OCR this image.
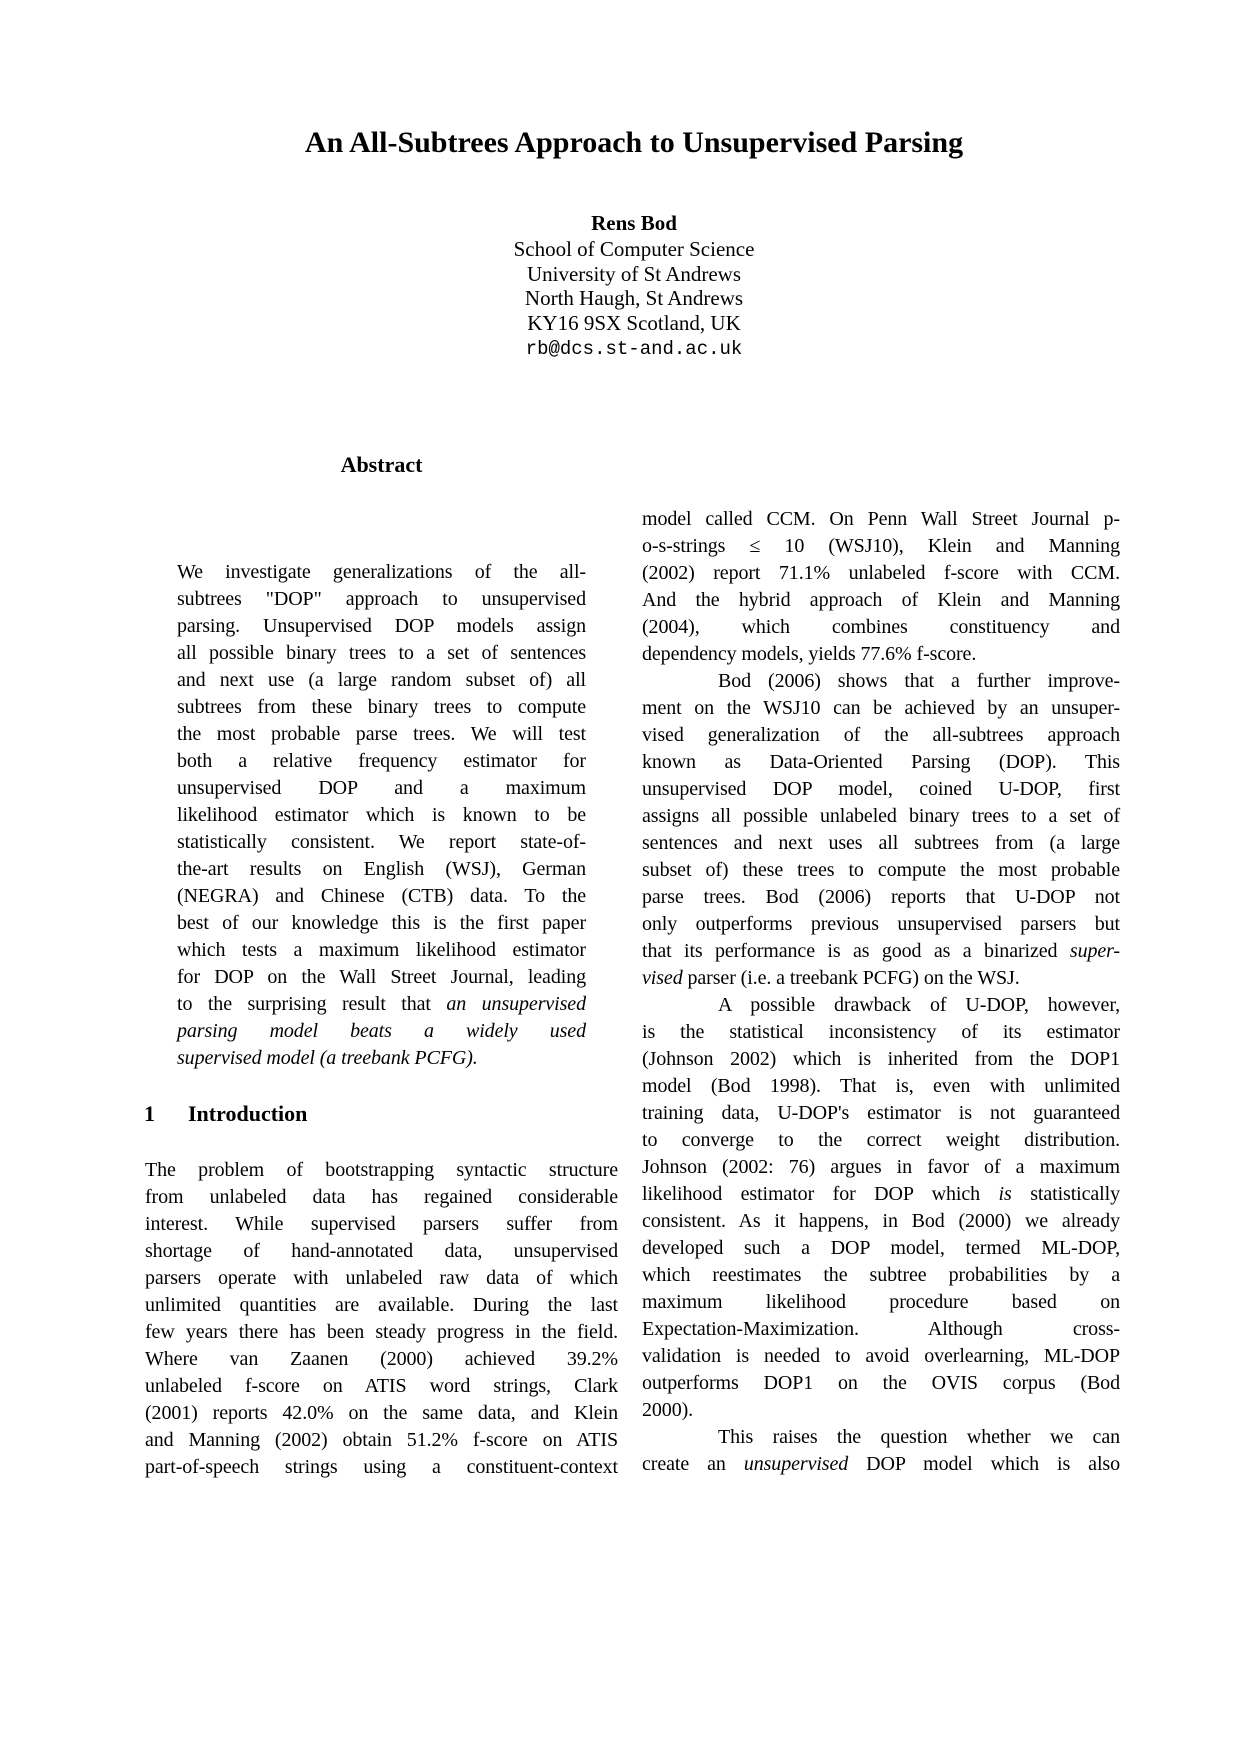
An All-Subtrees Approach to Unsupervised Parsing
Rens Bod
School of Computer Science
University of St Andrews
North Haugh, St Andrews
KY16 9SX Scotland, UK
rb@dcs.st-and.ac.uk
Abstract
We investigate generalizations of the all-
subtrees "DOP" approach to unsupervised
parsing. Unsupervised DOP models assign
all possible binary trees to a set of sentences
and next use (a large random subset of) all
subtrees from these binary trees to compute
the most probable parse trees. We will test
both a relative frequency estimator for
unsupervised DOP and a maximum
likelihood estimator which is known to be
statistically consistent. We report state-of-
the-art results on English (WSJ), German
(NEGRA) and Chinese (CTB) data. To the
best of our knowledge this is the first paper
which tests a maximum likelihood estimator
for DOP on the Wall Street Journal, leading
to the surprising result that an unsupervised
parsing model beats a widely used
supervised model (a treebank PCFG).
1 Introduction
The problem of bootstrapping syntactic structure
from unlabeled data has regained considerable
interest. While supervised parsers suffer from
shortage of hand-annotated data, unsupervised
parsers operate with unlabeled raw data of which
unlimited quantities are available. During the last
few years there has been steady progress in the field.
Where van Zaanen (2000) achieved 39.2%
unlabeled f-score on ATIS word strings, Clark
(2001) reports 42.0% on the same data, and Klein
and Manning (2002) obtain 51.2% f-score on ATIS
part-of-speech strings using a constituent-context
model called CCM. On Penn Wall Street Journal p-
o-s-strings ≤ 10 (WSJ10), Klein and Manning
(2002) report 71.1% unlabeled f-score with CCM.
And the hybrid approach of Klein and Manning
(2004), which combines constituency and
dependency models, yields 77.6% f-score.
Bod (2006) shows that a further improve-
ment on the WSJ10 can be achieved by an unsuper-
vised generalization of the all-subtrees approach
known as Data-Oriented Parsing (DOP). This
unsupervised DOP model, coined U-DOP, first
assigns all possible unlabeled binary trees to a set of
sentences and next uses all subtrees from (a large
subset of) these trees to compute the most probable
parse trees. Bod (2006) reports that U-DOP not
only outperforms previous unsupervised parsers but
that its performance is as good as a binarized super-
vised parser (i.e. a treebank PCFG) on the WSJ.
A possible drawback of U-DOP, however,
is the statistical inconsistency of its estimator
(Johnson 2002) which is inherited from the DOP1
model (Bod 1998). That is, even with unlimited
training data, U-DOP's estimator is not guaranteed
to converge to the correct weight distribution.
Johnson (2002: 76) argues in favor of a maximum
likelihood estimator for DOP which is statistically
consistent. As it happens, in Bod (2000) we already
developed such a DOP model, termed ML-DOP,
which reestimates the subtree probabilities by a
maximum likelihood procedure based on
Expectation-Maximization. Although cross-
validation is needed to avoid overlearning, ML-DOP
outperforms DOP1 on the OVIS corpus (Bod
2000).
This raises the question whether we can
create an unsupervised DOP model which is also
